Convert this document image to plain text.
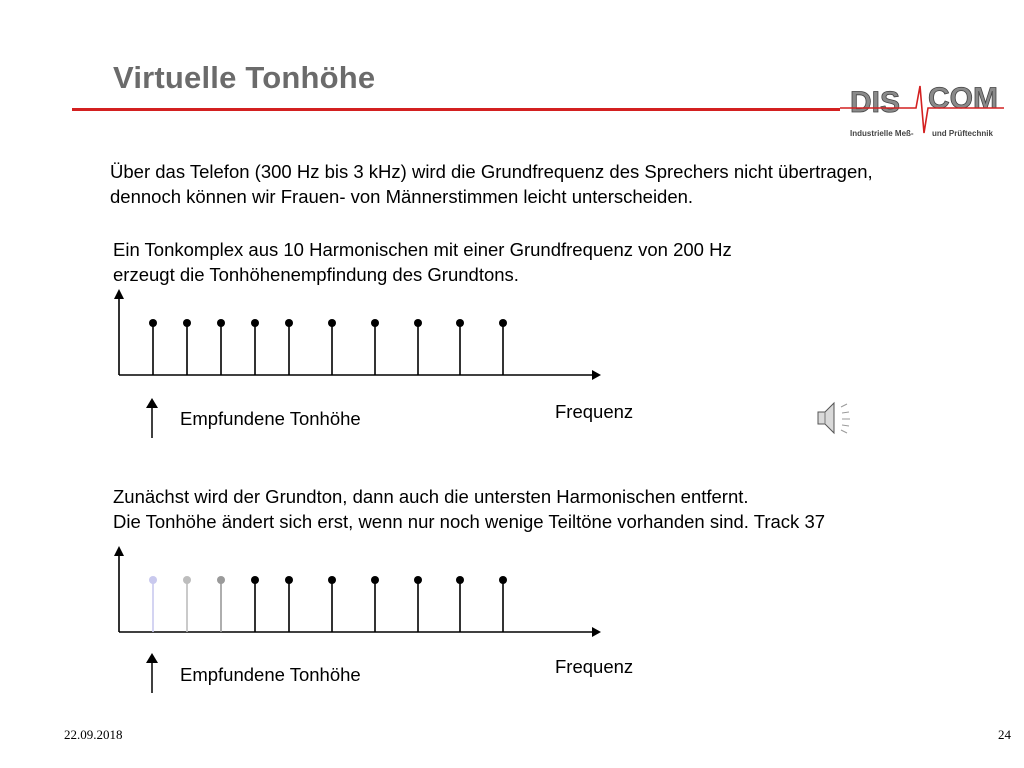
Virtuelle Tonhöhe
DIS COM
Industrielle Meß- und Prüftechnik
Über das Telefon (300 Hz bis 3 kHz) wird die Grundfrequenz des Sprechers nicht übertragen,
dennoch können wir Frauen- von Männerstimmen leicht unterscheiden.
Ein Tonkomplex aus 10 Harmonischen mit einer Grundfrequenz von 200 Hz
erzeugt die Tonhöhenempfindung des Grundtons.
Empfundene Tonhöhe	Frequenz
Zunächst wird der Grundton, dann auch die untersten Harmonischen entfernt.
Die Tonhöhe ändert sich erst, wenn nur noch wenige Teiltöne vorhanden sind. Track 37
Empfundene Tonhöhe	Frequenz
22.09.2018	24
